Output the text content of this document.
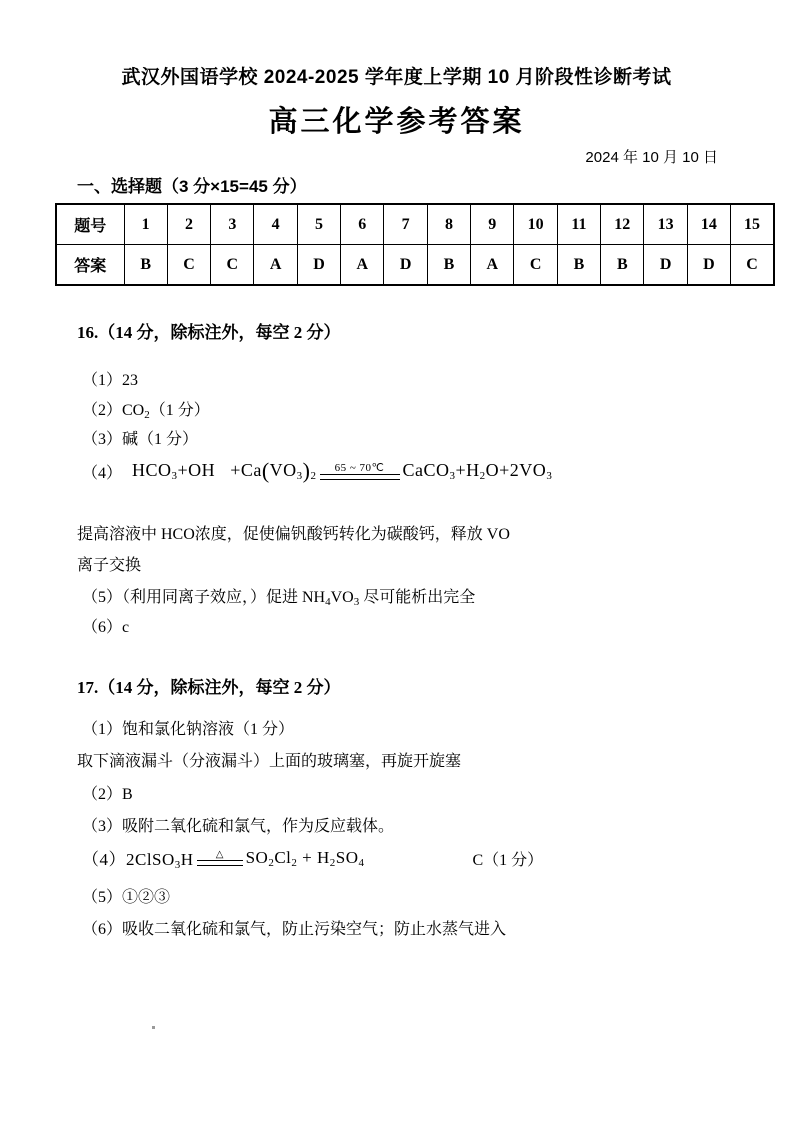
武汉外国语学校 2024-2025 学年度上学期 10 月阶段性诊断考试
高三化学参考答案
2024 年 10 月 10 日
一、选择题（3 分×15=45 分）
题号	1	2	3	4	5	6	7	8	9	10	11	12	13	14	15
答案	B	C	C	A	D	A	D	B	A	C	B	B	D	D	C
16.（14 分，除标注外，每空 2 分）
（1）23
$(2)CO_2(1$ 分）
（3）碱（1 分）
（4） $HCO_3+OH +Ca(VO_3)_2$
65 ~ 70℃ $CaCO_3+H_2O+2VO_3$
提高溶液中 HCO浓度，促使偏钒酸钙转化为碳酸钙，释放 VO
离子交换
（5）（利用同离子效应，）促进 $NH_4VO_3$ 尽可能析出完全
（6）c
17.（14 分，除标注外，每空 2 分）
（1）饱和氯化钠溶液（1 分）
取下滴液漏斗（分液漏斗）上面的玻璃塞，再旋开旋塞
（2）B
（3）吸附二氧化硫和氯气，作为反应载体。
（4）2ClSO$_3$H △ $SO_2Cl_2 + H_2SO_4$	C（1 分）
（5）①②③
（6）吸收二氧化硫和氯气，防止污染空气；防止水蒸气进入
